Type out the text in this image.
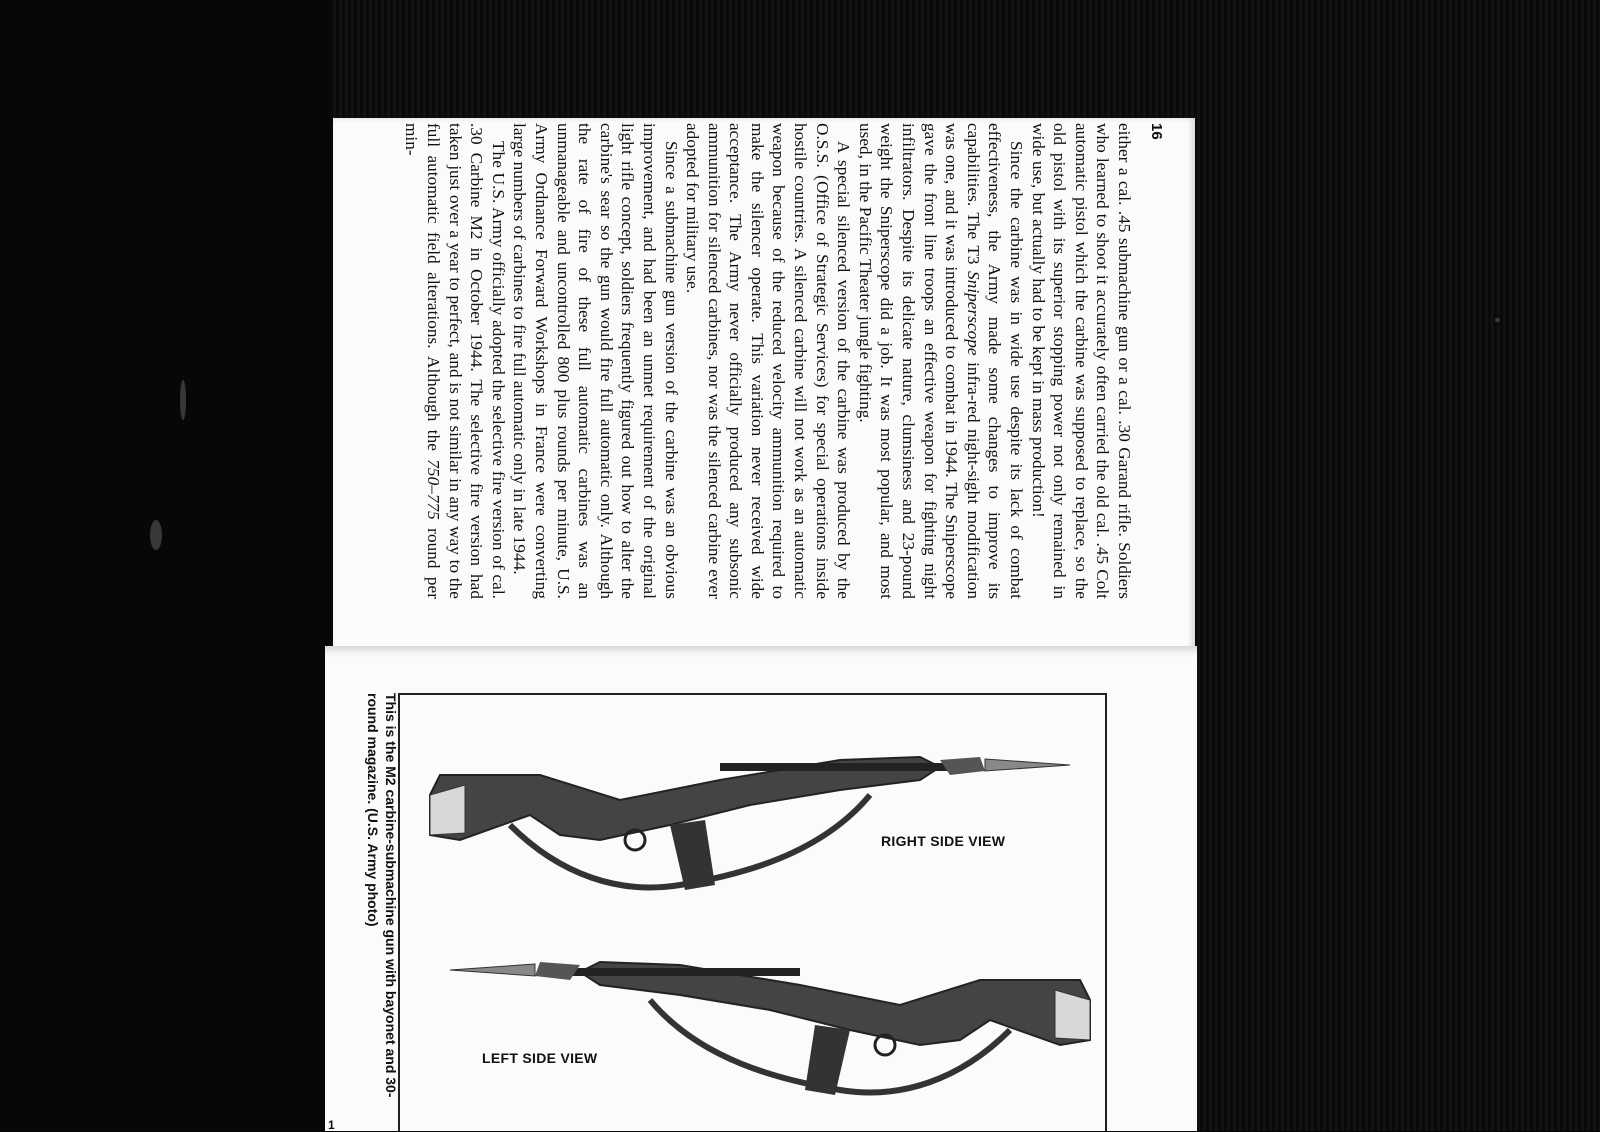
16

either a cal. .45 submachine gun or a cal. .30 Garand rifle. Soldiers who learned to shoot it accurately often carried the old cal. .45 Colt automatic pistol which the carbine was supposed to replace, so the old pistol with its superior stopping power not only remained in wide use, but actually had to be kept in mass production!

Since the carbine was in wide use despite its lack of combat effectiveness, the Army made some changes to improve its capabilities. The T3 Sniperscope infra-red night-sight modification was one, and it was introduced to combat in 1944. The Sniperscope gave the front line troops an effective weapon for fighting night infiltrators. Despite its delicate nature, clumsiness and 23-pound weight the Sniperscope did a job. It was most popular, and most used, in the Pacific Theater jungle fighting.

A special silenced version of the carbine was produced by the O.S.S. (Office of Strategic Services) for special operations inside hostile countries. A silenced carbine will not work as an automatic weapon because of the reduced velocity ammunition required to make the silencer operate. This variation never received wide acceptance. The Army never officially produced any subsonic ammunition for silenced carbines, nor was the silenced carbine ever adopted for military use.

Since a submachine gun version of the carbine was an obvious improvement, and had been an unmet requirement of the original light rifle concept, soldiers frequently figured out how to alter the carbine's sear so the gun would fire full automatic only. Although the rate of fire of these full automatic carbines was an unmanageable and uncontrolled 800 plus rounds per minute, U.S. Army Ordnance Forward Workshops in France were converting large numbers of carbines to fire full automatic only in late 1944.

The U.S. Army officially adopted the selective fire version of cal. .30 Carbine M2 in October 1944. The selective fire version had taken just over a year to perfect, and is not similar in any way to the full automatic field alterations. Although the 750–775 round per min-

RIGHT SIDE VIEW
LEFT SIDE VIEW
This is the M2 carbine-submachine gun with bayonet and 30-round magazine. (U.S. Army photo)
1
